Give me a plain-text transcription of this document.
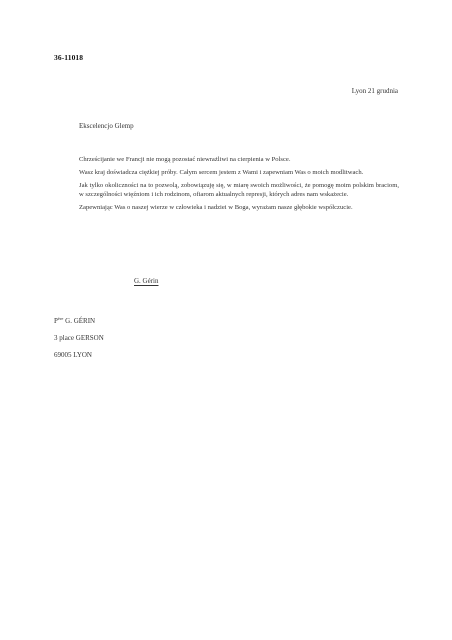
36-11018
Lyon 21 grudnia
Ekscelencjo Glemp

Chrześcijanie we Francji nie mogą pozostać niewrażliwi na cierpienia w Polsce.

Wasz kraj doświadcza ciężkiej próby. Całym sercem jestem z Wami i zapewniam Was o moich modlitwach.

Jak tylko okoliczności na to pozwolą, zobowiązuję się, w miarę swoich możliwości, że pomogę moim polskim braciom, w szczególności więźniom i ich rodzinom, ofiarom aktualnych represji, których adres nam wskażecie.

Zapewniając Was o naszej wierze w człowieka i nadziei w Boga, wyrażam nasze głębokie współczucie.

G. Gérin
$P^{ère}$ G. GÉRIN
3 place GERSON
69005 LYON
